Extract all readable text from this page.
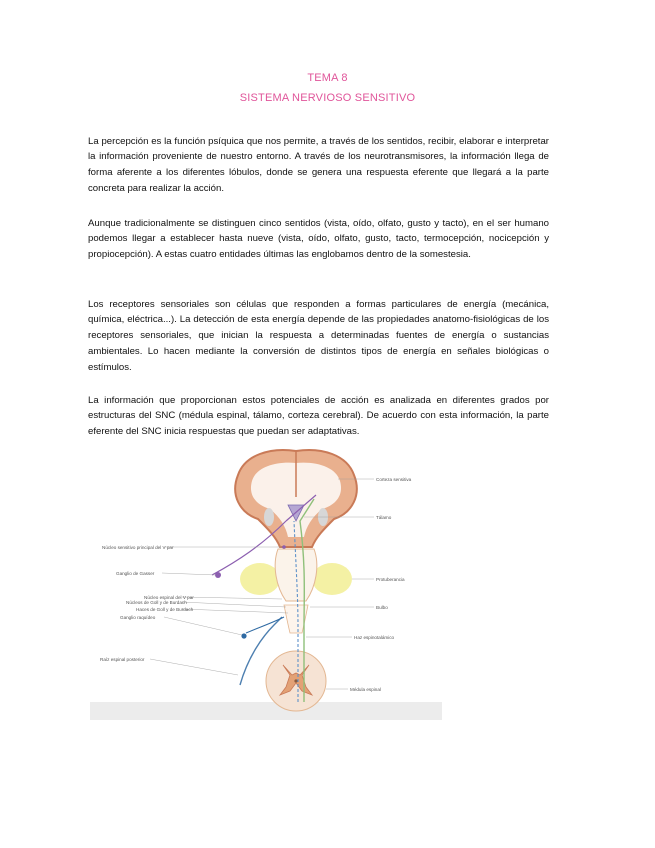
TEMA 8
SISTEMA NERVIOSO SENSITIVO

La percepción es la función psíquica que nos permite, a través de los sentidos, recibir, elaborar e interpretar la información proveniente de nuestro entorno. A través de los neurotransmisores, la información llega de forma aferente a los diferentes lóbulos, donde se genera una respuesta eferente que llegará a la parte concreta para realizar la acción.

Aunque tradicionalmente se distinguen cinco sentidos (vista, oído, olfato, gusto y tacto), en el ser humano podemos llegar a establecer hasta nueve (vista, oído, olfato, gusto, tacto, termocepción, nocicepción y propiocepción). A estas cuatro entidades últimas las englobamos dentro de la somestesia.

Los receptores sensoriales son células que responden a formas particulares de energía (mecánica, química, eléctrica...). La detección de esta energía depende de las propiedades anatomo-fisiológicas de los receptores sensoriales, que inician la respuesta a determinadas fuentes de energía o sustancias ambientales. Lo hacen mediante la conversión de distintos tipos de energía en señales biológicas o estímulos.

La información que proporcionan estos potenciales de acción es analizada en diferentes grados por estructuras del SNC (médula espinal, tálamo, corteza cerebral). De acuerdo con esta información, la parte eferente del SNC inicia respuestas que puedan ser adaptativas.

Corteza sensitiva
Tálamo
Núcleo sensitivo principal del V par
Ganglio de Gasser
Protuberancia
Núcleo espinal del V par
Núcleos de Goll y de Burdach
Bulbo
Haces de Goll y de Burdach
Ganglio raquídeo
Haz espinotalámico
Raíz espinal posterior
Médula espinal
